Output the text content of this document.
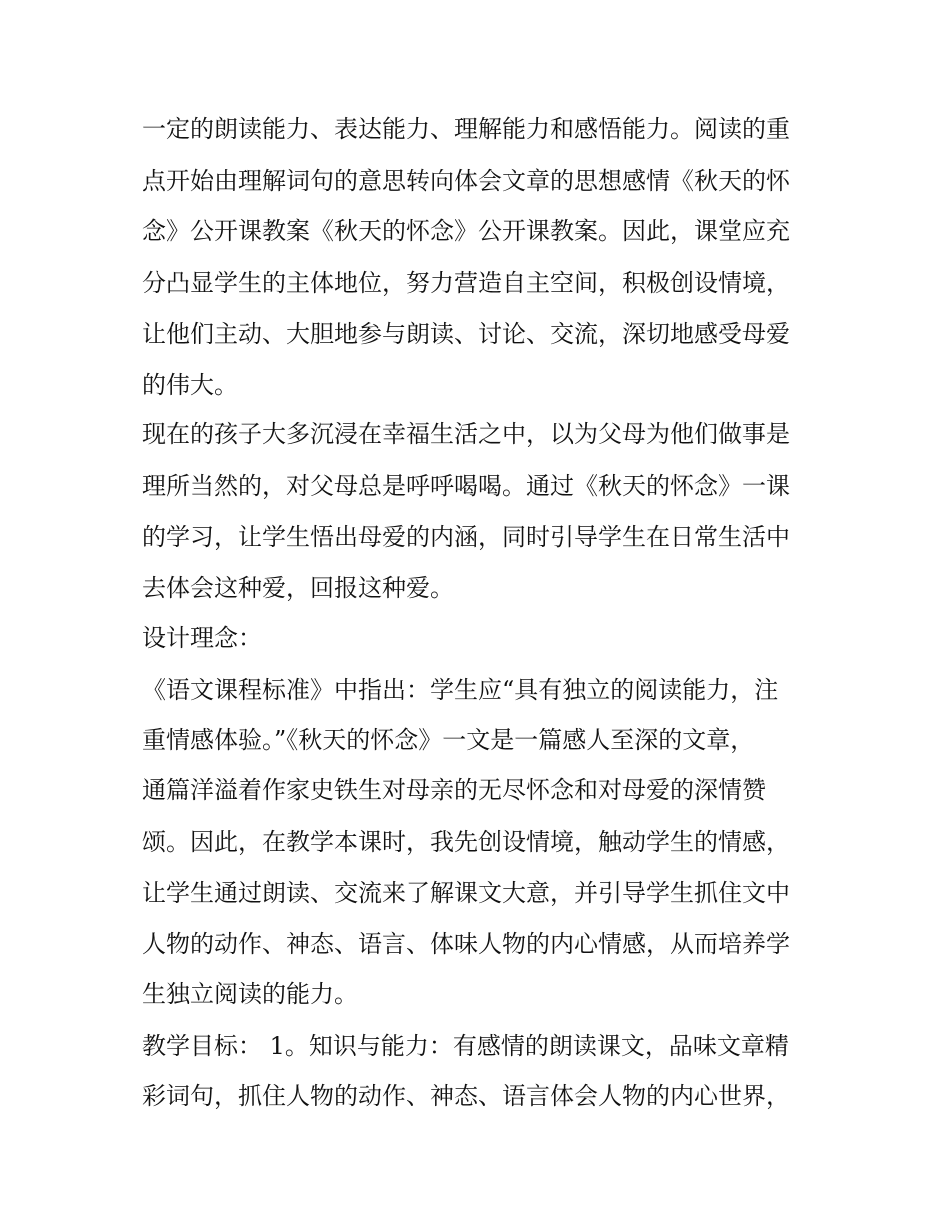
一定的朗读能力、表达能力、理解能力和感悟能力。阅读的重
点开始由理解词句的意思转向体会文章的思想感情《秋天的怀
念》公开课教案《秋天的怀念》公开课教案。因此，课堂应充
分凸显学生的主体地位，努力营造自主空间，积极创设情境，
让他们主动、大胆地参与朗读、讨论、交流，深切地感受母爱
的伟大。
现在的孩子大多沉浸在幸福生活之中，以为父母为他们做事是
理所当然的，对父母总是呼呼喝喝。通过《秋天的怀念》一课
的学习，让学生悟出母爱的内涵，同时引导学生在日常生活中
去体会这种爱，回报这种爱。
设计理念：
《语文课程标准》中指出：学生应“具有独立的阅读能力，注
重情感体验。”《秋天的怀念》一文是一篇感人至深的文章，
通篇洋溢着作家史铁生对母亲的无尽怀念和对母爱的深情赞
颂。因此，在教学本课时，我先创设情境，触动学生的情感，
让学生通过朗读、交流来了解课文大意，并引导学生抓住文中
人物的动作、神态、语言、体味人物的内心情感，从而培养学
生独立阅读的能力。
教学目标： 1。知识与能力：有感情的朗读课文，品味文章精
彩词句，抓住人物的动作、神态、语言体会人物的内心世界，
